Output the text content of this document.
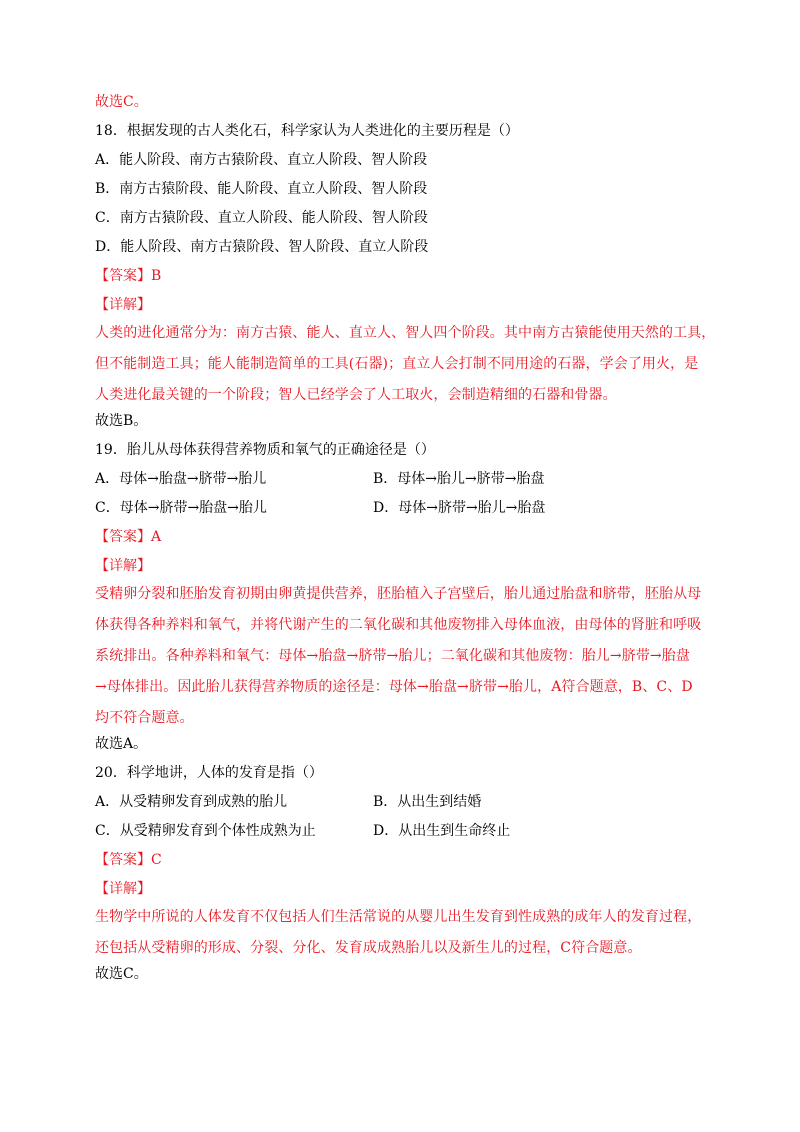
故选C。
18．根据发现的古人类化石，科学家认为人类进化的主要历程是（）
A．能人阶段、南方古猿阶段、直立人阶段、智人阶段
B．南方古猿阶段、能人阶段、直立人阶段、智人阶段
C．南方古猿阶段、直立人阶段、能人阶段、智人阶段
D．能人阶段、南方古猿阶段、智人阶段、直立人阶段
【答案】B
【详解】
人类的进化通常分为：南方古猿、能人、直立人、智人四个阶段。其中南方古猿能使用天然的工具，
但不能制造工具；能人能制造简单的工具(石器)；直立人会打制不同用途的石器，学会了用火，是
人类进化最关键的一个阶段；智人已经学会了人工取火，会制造精细的石器和骨器。
故选B。
19．胎儿从母体获得营养物质和氧气的正确途径是（）
A．母体→胎盘→脐带→胎儿	B．母体→胎儿→脐带→胎盘
C．母体→脐带→胎盘→胎儿	D．母体→脐带→胎儿→胎盘
【答案】A
【详解】
受精卵分裂和胚胎发育初期由卵黄提供营养，胚胎植入子宫壁后，胎儿通过胎盘和脐带，胚胎从母
体获得各种养料和氧气，并将代谢产生的二氧化碳和其他废物排入母体血液，由母体的肾脏和呼吸
系统排出。各种养料和氧气：母体→胎盘→脐带→胎儿；二氧化碳和其他废物：胎儿→脐带→胎盘
→母体排出。因此胎儿获得营养物质的途径是：母体→胎盘→脐带→胎儿，A符合题意，B、C、D
均不符合题意。
故选A。
20．科学地讲，人体的发育是指（）
A．从受精卵发育到成熟的胎儿	B．从出生到结婚
C．从受精卵发育到个体性成熟为止	D．从出生到生命终止
【答案】C
【详解】
生物学中所说的人体发育不仅包括人们生活常说的从婴儿出生发育到性成熟的成年人的发育过程，
还包括从受精卵的形成、分裂、分化、发育成成熟胎儿以及新生儿的过程，C符合题意。
故选C。
